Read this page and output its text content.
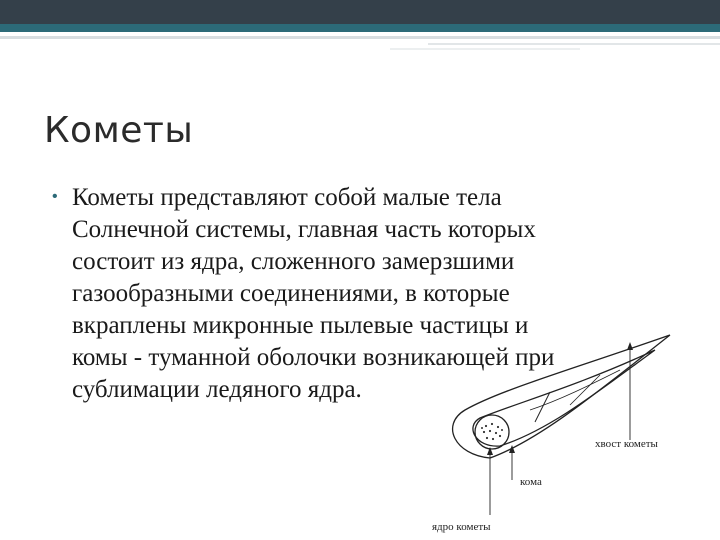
Кометы
• Кометы представляют собой малые тела
Солнечной системы, главная часть которых
состоит из ядра, сложенного замерзшими
газообразными соединениями, в которые
вкраплены микронные пылевые частицы и
комы - туманной оболочки возникающей при
сублимации ледяного ядра.
хвост кометы
кома
ядро кометы
